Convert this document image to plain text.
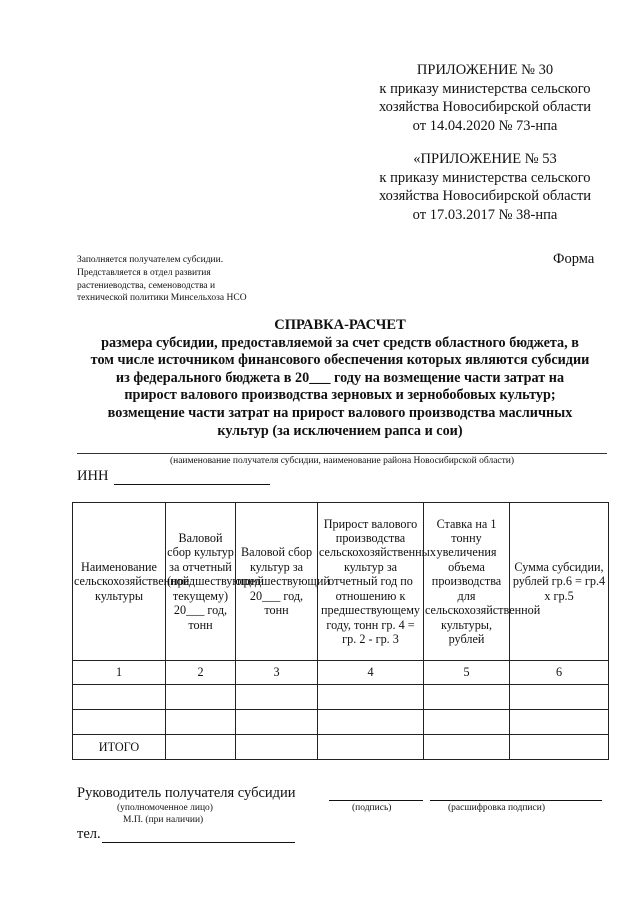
ПРИЛОЖЕНИЕ № 30
к приказу министерства сельского
хозяйства Новосибирской области
от 14.04.2020 № 73-нпа
«ПРИЛОЖЕНИЕ № 53
к приказу министерства сельского
хозяйства Новосибирской области
от 17.03.2017 № 38-нпа
Заполняется получателем субсидии.
Представляется в отдел развития
растениеводства, семеноводства и
технической политики Минсельхоза НСО
Форма
СПРАВКА-РАСЧЕТ
размера субсидии, предоставляемой за счет средств областного бюджета, в
том числе источником финансового обеспечения которых являются субсидии
из федерального бюджета в 20___ году на возмещение части затрат на
прирост валового производства зерновых и зернобобовых культур;
возмещение части затрат на прирост валового производства масличных
культур (за исключением рапса и сои)
(наименование получателя субсидии, наименование района Новосибирской области)
ИНН
Наименование сельскохозяйственной культуры	Валовой сбор культур за отчетный (предшествующий текущему) 20___ год, тонн	Валовой сбор культур за предшествующий 20___ год, тонн	Прирост валового производства сельскохозяйственных культур за отчетный год по отношению к предшествующему году, тонн гр. 4 = гр. 2 - гр. 3	Ставка на 1 тонну увеличения объема производства для сельскохозяйственной культуры, рублей	Сумма субсидии, рублей гр.6 = гр.4 х гр.5
1	2	3	4	5	6

ИТОГО					
Руководитель получателя субсидии
(уполномоченное лицо)	(подпись)	(расшифровка подписи)
М.П. (при наличии)
тел.
